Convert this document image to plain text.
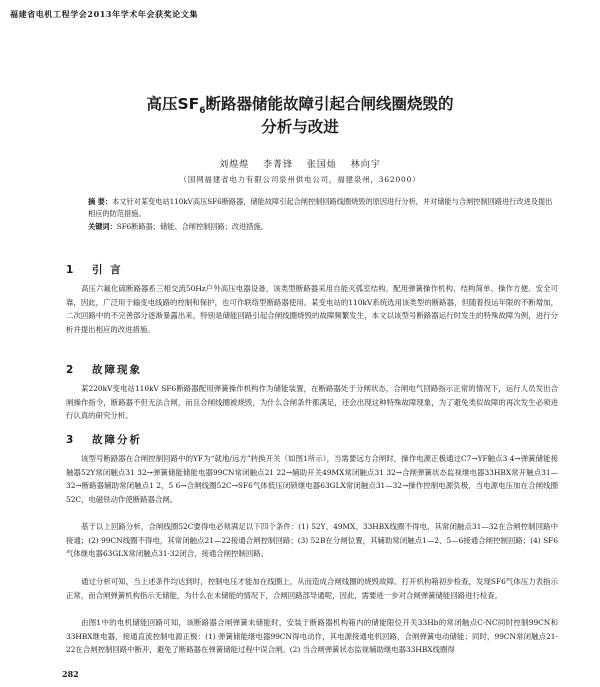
福建省电机工程学会2013年学术年会获奖论文集
高压$SF_6$断路器储能故障引起合闸线圈烧毁的
分析与改进
刘煌煌 李菁锋 张国灿 林向宇
（国网福建省电力有限公司泉州供电公司，福建泉州，362000）
摘 要：本文针对某变电站110kV高压SF6断路器，储能故障引起合闸控制回路线圈烧毁的原因进行分析，并对储能与合闸控制回路进行改进及提出相应的防范措施。
关键词：SF6断路器；储能、合闸控制回路；改进措施。
1 引 言
高压六氟化硫断路器系三相交流50Hz户外高压电器设备，该类型断路器采用自能灭弧室结构，配用弹簧操作机构，结构简单、操作方便、安全可靠，因此，广泛用于输变电线路的控制和保护，也可作联络型断路器使用。某变电站的110kV系统选用该类型的断路器，但随着投运年限的不断增加，二次回路中的不完善部分逐渐暴露出来，特别是储能回路引起合闸线圈烧毁的故障频繁发生，本文以该型号断路器运行时发生的特殊故障为例，进行分析并提出相应的改进措施。
2 故障现象
某220kV变电站110kV SF6断路器配用弹簧操作机构作为储能装置，在断路器处于分闸状态，合闸电气回路指示正常的情况下，运行人员发出合闸操作指令，断路器不但无法合闸，而且合闸线圈被烧毁，为什么合闸条件都满足，还会出现这种特殊故障现象，为了避免类似故障的再次发生必须进行认真的研究分析。
3 故障分析
该型号断路器在合闸控制回路中的YF为“就地/远方”转换开关（如图1所示），当需要远方合闸时，操作电源正极通过C7→YF触点3 4→弹簧储能接触器52Y常闭触点31 32→弹簧储能储能电器99CN常闭触点21 22→辅助开关49MX常闭触点31 32→合闸弹簧状态监视继电器33HBX常开触点31—32→断路器辅助常闭触点1 2、5 6→合闸线圈52C→SF6气体低压闭锁继电器63GLX常闭触点31—32→操作控制电源负极，当电源电压加在合闸线圈52C，电磁铁动作使断路器合闸。
基于以上回路分析，合闸线圈52C要得电必须满足以下四个条件：(1) 52Y、49MX、33HBX线圈不得电，其常闭触点31—32在合闸控制回路中接通；(2) 99CN线圈不得电，其常闭触点21—22接通合闸控制回路；(3) 52B在分闸位置，其辅助常闭触点1—2、5—6接通合闸控制回路；(4) SF6气体继电器63GLX常闭触点31-32闭合，接通合闸控制回路。
通过分析可知，当上述条件均达到时，控制电压才能加在线圈上，从而造成合闸线圈的烧毁故障。打开机构箱初步检查，发现SF6气体压力表指示正常，而合闸弹簧机构指示无储能，为什么在未储能的情况下，合闸回路部导通呢，因此，需要进一步对合闸弹簧储能回路进行检查。
由图1中的电机储能回路可知，该断路器合闸弹簧未储能时，安装于断路器机构箱内的储能限位开关33Hb的常闭触点C-NC同时控制99CN和33HBX继电器，接通直流控制电源正极：(1) 弹簧储能继电器99CN得电动作，其电源接通电机回路，合闸弹簧电动储能；同时，99CN常闭触点21-22在合闸控制回路中断开，避免了断路器在弹簧储能过程中误合闸。(2) 当合闸弹簧状态监视辅助继电器33HBX线圈得
282
